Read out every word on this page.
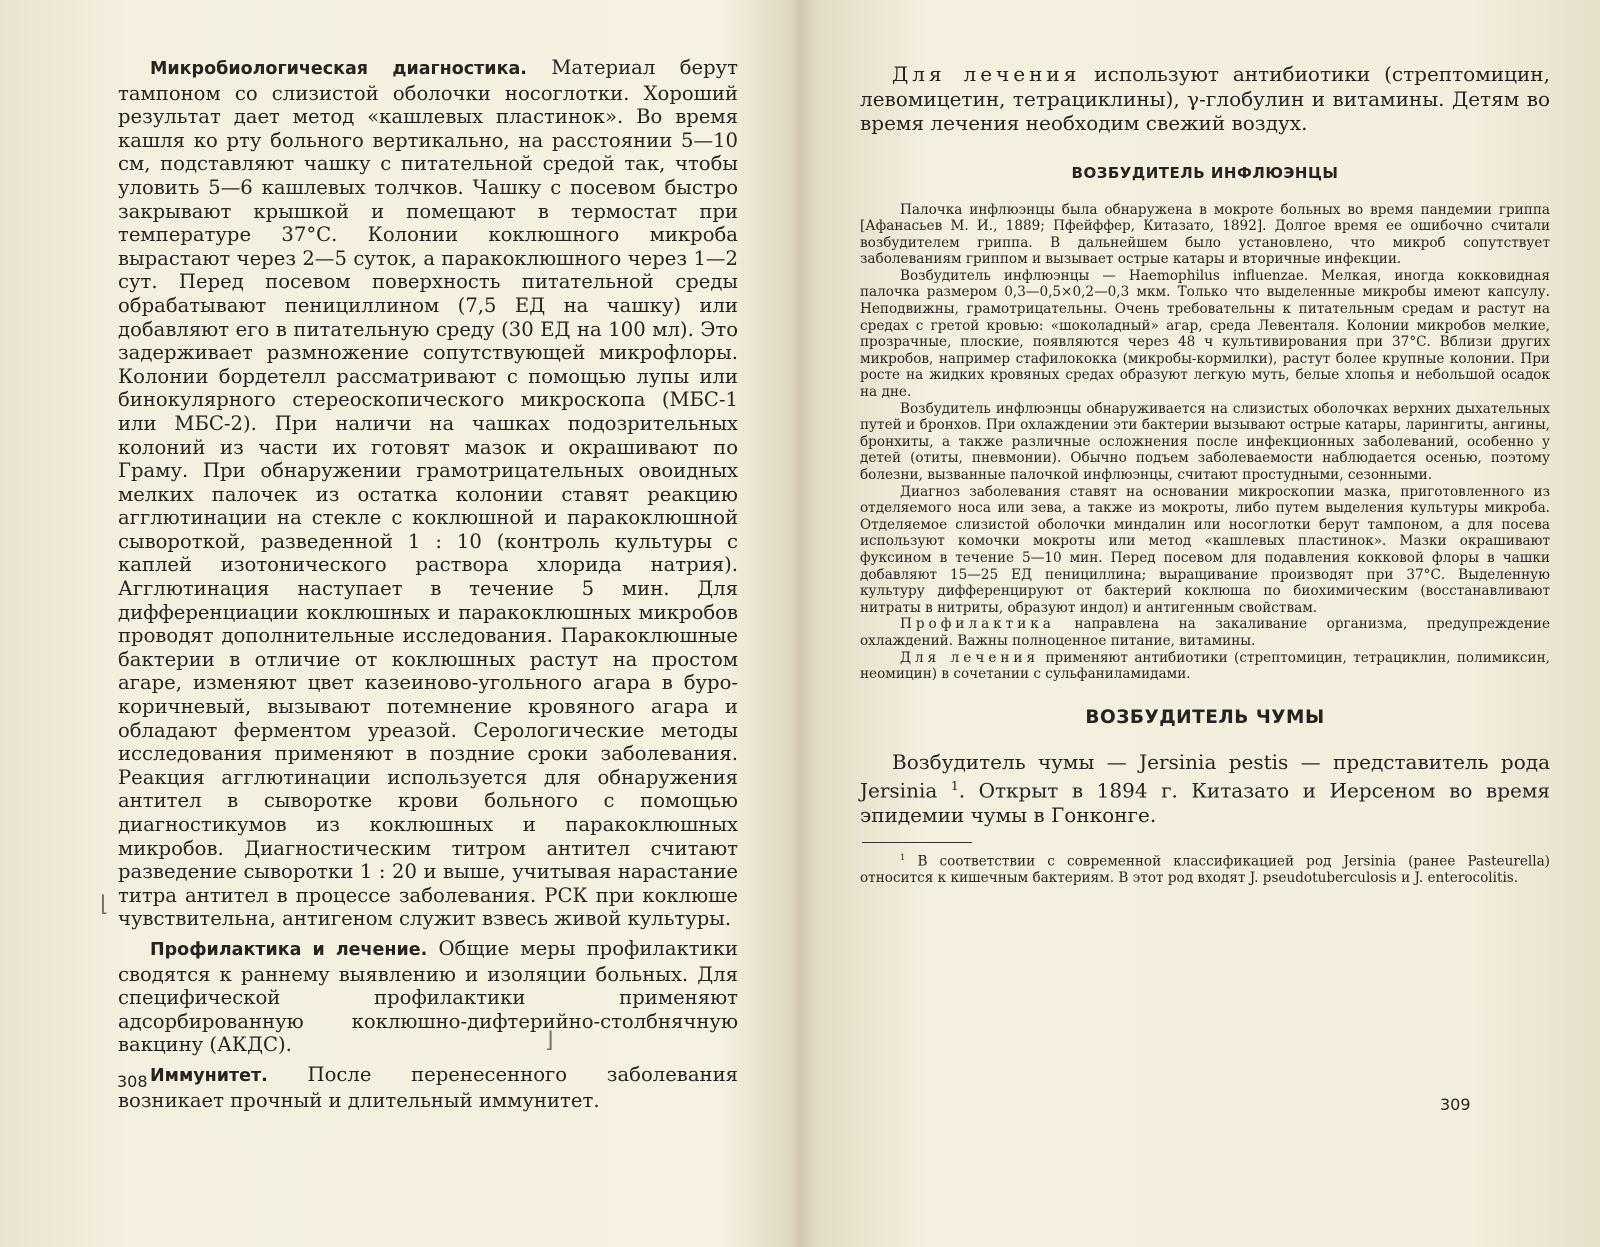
Микробиологическая диагностика. Материал берут тампоном со слизистой оболочки носоглотки. Хороший результат дает метод «кашлевых пластинок». Во время кашля ко рту больного вертикально, на расстоянии 5—10 см, подставляют чашку с питательной средой так, чтобы уловить 5—6 кашлевых толчков. Чашку с посевом быстро закрывают крышкой и помещают в термостат при температуре 37°С. Колонии коклюшного микроба вырастают через 2—5 суток, а паракоклюшного через 1—2 сут. Перед посевом поверхность питательной среды обрабатывают пенициллином (7,5 ЕД на чашку) или добавляют его в питательную среду (30 ЕД на 100 мл). Это задерживает размножение сопутствующей микрофлоры. Колонии бордетелл рассматривают с помощью лупы или бинокулярного стереоскопического микроскопа (МБС-1 или МБС-2). При наличи на чашках подозрительных колоний из части их готовят мазок и окрашивают по Граму. При обнаружении грамотрицательных овоидных мелких палочек из остатка колонии ставят реакцию агглютинации на стекле с коклюшной и паракоклюшной сывороткой, разведенной 1 : 10 (контроль культуры с каплей изотонического раствора хлорида натрия). Агглютинация наступает в течение 5 мин. Для дифференциации коклюшных и паракоклюшных микробов проводят дополнительные исследования. Паракоклюшные бактерии в отличие от коклюшных растут на простом агаре, изменяют цвет казеиново-угольного агара в буро-коричневый, вызывают потемнение кровяного агара и обладают ферментом уреазой. Серологические методы исследования применяют в поздние сроки заболевания. Реакция агглютинации используется для обнаружения антител в сыворотке крови больного с помощью диагностикумов из коклюшных и паракоклюшных микробов. Диагностическим титром антител считают разведение сыворотки 1 : 20 и выше, учитывая нарастание титра антител в процессе заболевания. РСК при коклюше чувствительна, антигеном служит взвесь живой культуры.

Профилактика и лечение. Общие меры профилактики сводятся к раннему выявлению и изоляции больных. Для специфической профилактики применяют адсорбированную коклюшно-дифтерийно-столбнячную вакцину (АКДС).

Иммунитет. После перенесенного заболевания возникает прочный и длительный иммунитет.

⌊
⌋
308

Для лечения используют антибиотики (стрептомицин, левомицетин, тетрациклины), γ-глобулин и витамины. Детям во время лечения необходим свежий воздух.

ВОЗБУДИТЕЛЬ ИНФЛЮЭНЦЫ

Палочка инфлюэнцы была обнаружена в мокроте больных во время пандемии гриппа [Афанасьев М. И., 1889; Пфейффер, Китазато, 1892]. Долгое время ее ошибочно считали возбудителем гриппа. В дальнейшем было установлено, что микроб сопутствует заболеваниям гриппом и вызывает острые катары и вторичные инфекции.

Возбудитель инфлюэнцы — Haemophilus influenzae. Мелкая, иногда кокковидная палочка размером 0,3—0,5×0,2—0,3 мкм. Только что выделенные микробы имеют капсулу. Неподвижны, грамотрицательны. Очень требовательны к питательным средам и растут на средах с гретой кровью: «шоколадный» агар, среда Левенталя. Колонии микробов мелкие, прозрачные, плоские, появляются через 48 ч культивирования при 37°С. Вблизи других микробов, например стафилококка (микробы-кормилки), растут более крупные колонии. При росте на жидких кровяных средах образуют легкую муть, белые хлопья и небольшой осадок на дне.

Возбудитель инфлюэнцы обнаруживается на слизистых оболочках верхних дыхательных путей и бронхов. При охлаждении эти бактерии вызывают острые катары, ларингиты, ангины, бронхиты, а также различные осложнения после инфекционных заболеваний, особенно у детей (отиты, пневмонии). Обычно подъем заболеваемости наблюдается осенью, поэтому болезни, вызванные палочкой инфлюэнцы, считают простудными, сезонными.

Диагноз заболевания ставят на основании микроскопии мазка, приготовленного из отделяемого носа или зева, а также из мокроты, либо путем выделения культуры микроба. Отделяемое слизистой оболочки миндалин или носоглотки берут тампоном, а для посева используют комочки мокроты или метод «кашлевых пластинок». Мазки окрашивают фуксином в течение 5—10 мин. Перед посевом для подавления кокковой флоры в чашки добавляют 15—25 ЕД пенициллина; выращивание производят при 37°С. Выделенную культуру дифференцируют от бактерий коклюша по биохимическим (восстанавливают нитраты в нитриты, образуют индол) и антигенным свойствам.

Профилактика направлена на закаливание организма, предупреждение охлаждений. Важны полноценное питание, витамины.

Для лечения применяют антибиотики (стрептомицин, тетрациклин, полимиксин, неомицин) в сочетании с сульфаниламидами.

ВОЗБУДИТЕЛЬ ЧУМЫ

Возбудитель чумы — Jersinia pestis — представитель рода Jersinia $^1$. Открыт в 1894 г. Китазато и Иерсеном во время эпидемии чумы в Гонконге.

$^1$ В соответствии с современной классификацией род Jersinia (ранее Pasteurella) относится к кишечным бактериям. В этот род входят J. pseudotuberculosis и J. enterocolitis.

309
